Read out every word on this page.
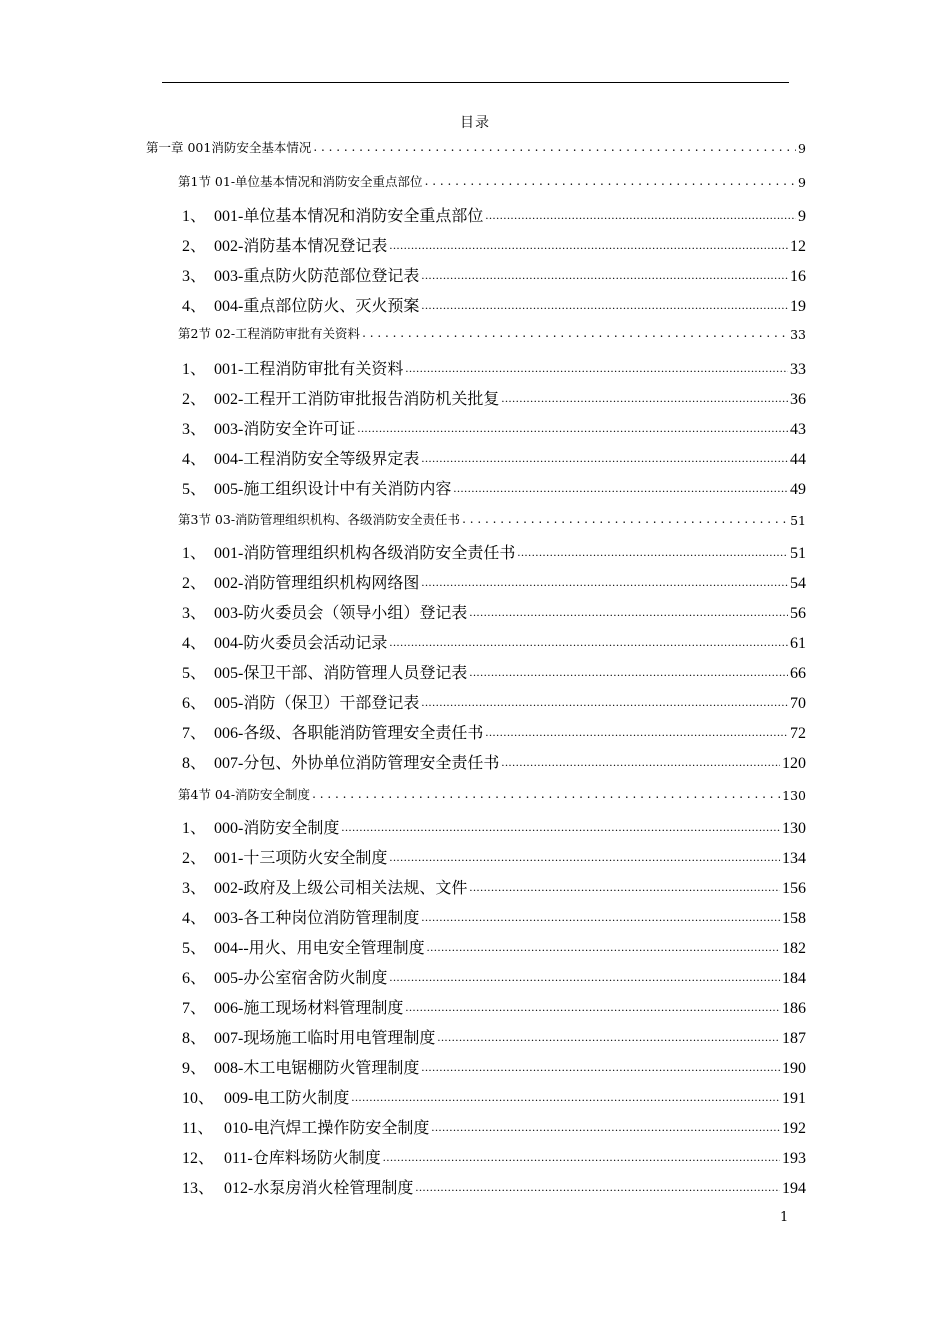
目录
第一章 001消防安全基本情况 . . .	9
第1节 01-单位基本情况和消防安全重点部位 . . .	9
1、 001-单位基本情况和消防安全重点部位 .....	9
2、 002-消防基本情况登记表 .....	12
3、 003-重点防火防范部位登记表 .....	16
4、 004-重点部位防火、灭火预案 .....	19
第2节 02-工程消防审批有关资料 . . .	33
1、 001-工程消防审批有关资料 .....	33
2、 002-工程开工消防审批报告消防机关批复 .....	36
3、 003-消防安全许可证 .....	43
4、 004-工程消防安全等级界定表 .....	44
5、 005-施工组织设计中有关消防内容 .....	49
第3节 03-消防管理组织机构、各级消防安全责任书 . . .	51
1、 001-消防管理组织机构各级消防安全责任书 .....	51
2、 002-消防管理组织机构网络图 .....	54
3、 003-防火委员会（领导小组）登记表 .....	56
4、 004-防火委员会活动记录 .....	61
5、 005-保卫干部、消防管理人员登记表 .....	66
6、 005-消防（保卫）干部登记表 .....	70
7、 006-各级、各职能消防管理安全责任书 .....	72
8、 007-分包、外协单位消防管理安全责任书 .....	120
第4节 04-消防安全制度 . . .	130
1、 000-消防安全制度 .....	130
2、 001-十三项防火安全制度 .....	134
3、 002-政府及上级公司相关法规、文件 .....	156
4、 003-各工种岗位消防管理制度 .....	158
5、 004--用火、用电安全管理制度 .....	182
6、 005-办公室宿舍防火制度 .....	184
7、 006-施工现场材料管理制度 .....	186
8、 007-现场施工临时用电管理制度 .....	187
9、 008-木工电锯棚防火管理制度 .....	190
10、 009-电工防火制度 .....	191
11、 010-电汽焊工操作防安全制度 .....	192
12、 011-仓库料场防火制度 .....	193
13、 012-水泵房消火栓管理制度 .....	194
1
